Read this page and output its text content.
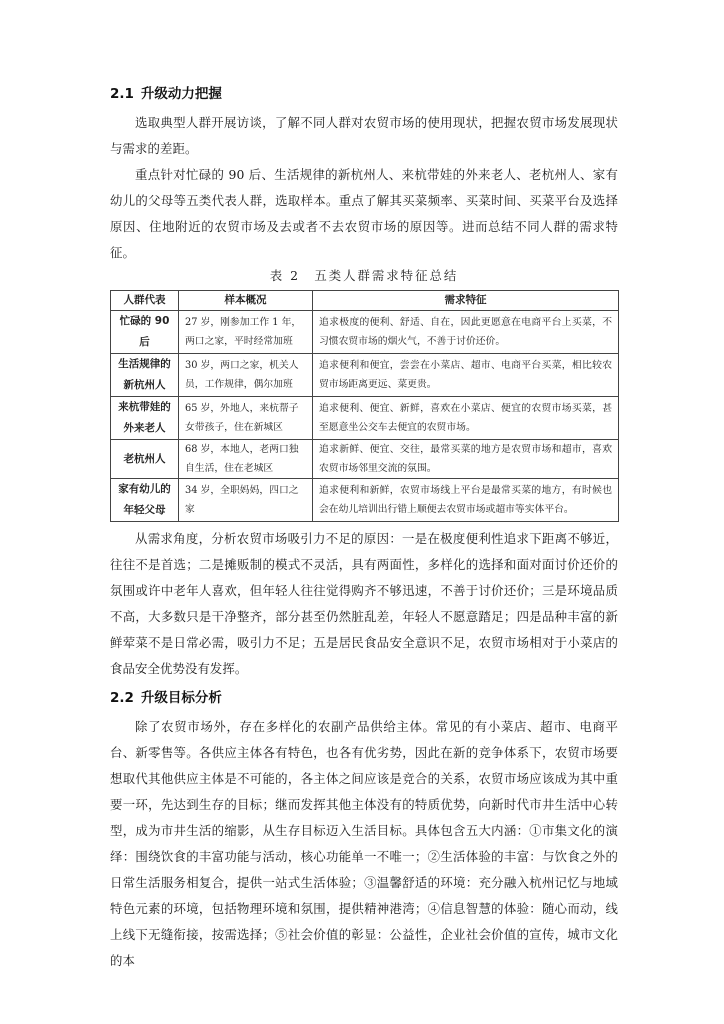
2.1 升级动力把握

选取典型人群开展访谈，了解不同人群对农贸市场的使用现状，把握农贸市场发展现状与需求的差距。

重点针对忙碌的 90 后、生活规律的新杭州人、来杭带娃的外来老人、老杭州人、家有幼儿的父母等五类代表人群，选取样本。重点了解其买菜频率、买菜时间、买菜平台及选择原因、住地附近的农贸市场及去或者不去农贸市场的原因等。进而总结不同人群的需求特征。

表 2　五类人群需求特征总结
人群代表	样本概况	需求特征
忙碌的 90 后	27 岁，刚参加工作 1 年，两口之家，平时经常加班	追求极度的便利、舒适、自在，因此更愿意在电商平台上买菜，不习惯农贸市场的烟火气，不善于讨价还价。
生活规律的新杭州人	30 岁，两口之家，机关人员，工作规律，偶尔加班	追求便利和便宜，尝尝在小菜店、超市、电商平台买菜，相比较农贸市场距离更远、菜更贵。
来杭带娃的外来老人	65 岁，外地人，来杭帮子女带孩子，住在新城区	追求便利、便宜、新鲜，喜欢在小菜店、便宜的农贸市场买菜，甚至愿意坐公交车去便宜的农贸市场。
老杭州人	68 岁，本地人，老两口独自生活，住在老城区	追求新鲜、便宜、交往，最常买菜的地方是农贸市场和超市，喜欢农贸市场邻里交流的氛围。
家有幼儿的年轻父母	34 岁，全职妈妈，四口之家	追求便利和新鲜，农贸市场线上平台是最常买菜的地方，有时候也会在幼儿培训出行错上顺便去农贸市场或超市等实体平台。

从需求角度，分析农贸市场吸引力不足的原因：一是在极度便利性追求下距离不够近，往往不是首选；二是摊贩制的模式不灵活，具有两面性，多样化的选择和面对面讨价还价的氛围或许中老年人喜欢，但年轻人往往觉得购齐不够迅速，不善于讨价还价；三是环境品质不高，大多数只是干净整齐，部分甚至仍然脏乱差，年轻人不愿意踏足；四是品种丰富的新鲜荤菜不是日常必需，吸引力不足；五是居民食品安全意识不足，农贸市场相对于小菜店的食品安全优势没有发挥。

2.2 升级目标分析

除了农贸市场外，存在多样化的农副产品供给主体。常见的有小菜店、超市、电商平台、新零售等。各供应主体各有特色，也各有优劣势，因此在新的竞争体系下，农贸市场要想取代其他供应主体是不可能的，各主体之间应该是竞合的关系，农贸市场应该成为其中重要一环，先达到生存的目标；继而发挥其他主体没有的特质优势，向新时代市井生活中心转型，成为市井生活的缩影，从生存目标迈入生活目标。具体包含五大内涵：①市集文化的演绎：围绕饮食的丰富功能与活动，核心功能单一不唯一；②生活体验的丰富：与饮食之外的日常生活服务相复合，提供一站式生活体验；③温馨舒适的环境：充分融入杭州记忆与地域特色元素的环境，包括物理环境和氛围，提供精神港湾；④信息智慧的体验：随心而动，线上线下无缝衔接，按需选择；⑤社会价值的彰显：公益性，企业社会价值的宣传，城市文化的本
